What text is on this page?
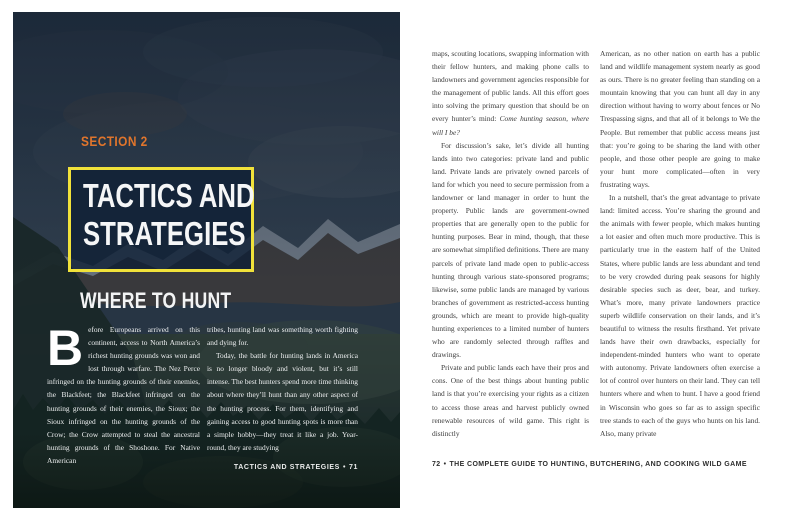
SECTION 2
TACTICS AND
STRATEGIES
WHERE TO HUNT

Before Europeans arrived on this continent, access to North America’s richest hunting grounds was won and lost through warfare. The Nez Perce infringed on the hunting grounds of their enemies, the Blackfeet; the Blackfeet infringed on the hunting grounds of their enemies, the Sioux; the Sioux infringed on the hunting grounds of the Crow; the Crow attempted to steal the ancestral hunting grounds of the Shoshone. For Native American

tribes, hunting land was something worth fighting and dying for.

Today, the battle for hunting lands in America is no longer bloody and violent, but it’s still intense. The best hunters spend more time thinking about where they’ll hunt than any other aspect of the hunting process. For them, identifying and gaining access to good hunting spots is more than a simple hobby—they treat it like a job. Year-round, they are studying

TACTICS AND STRATEGIES • 71

maps, scouting locations, swapping information with their fellow hunters, and making phone calls to landowners and government agencies responsible for the management of public lands. All this effort goes into solving the primary question that should be on every hunter’s mind: Come hunting season, where will I be?

For discussion’s sake, let’s divide all hunting lands into two categories: private land and public land. Private lands are privately owned parcels of land for which you need to secure permission from a landowner or land manager in order to hunt the property. Public lands are government-owned properties that are generally open to the public for hunting purposes. Bear in mind, though, that these are somewhat simplified definitions. There are many parcels of private land made open to public-access hunting through various state-sponsored programs; likewise, some public lands are managed by various branches of government as restricted-access hunting grounds, which are meant to provide high-quality hunting experiences to a limited number of hunters who are randomly selected through raffles and drawings.

Private and public lands each have their pros and cons. One of the best things about hunting public land is that you’re exercising your rights as a citizen to access those areas and harvest publicly owned renewable resources of wild game. This right is distinctly

American, as no other nation on earth has a public land and wildlife management system nearly as good as ours. There is no greater feeling than standing on a mountain knowing that you can hunt all day in any direction without having to worry about fences or No Trespassing signs, and that all of it belongs to We the People. But remember that public access means just that: you’re going to be sharing the land with other people, and those other people are going to make your hunt more complicated—often in very frustrating ways.

In a nutshell, that’s the great advantage to private land: limited access. You’re sharing the ground and the animals with fewer people, which makes hunting a lot easier and often much more productive. This is particularly true in the eastern half of the United States, where public lands are less abundant and tend to be very crowded during peak seasons for highly desirable species such as deer, bear, and turkey. What’s more, many private landowners practice superb wildlife conservation on their lands, and it’s beautiful to witness the results firsthand. Yet private lands have their own drawbacks, especially for independent-minded hunters who want to operate with autonomy. Private landowners often exercise a lot of control over hunters on their land. They can tell hunters where and when to hunt. I have a good friend in Wisconsin who goes so far as to assign specific tree stands to each of the guys who hunts on his land. Also, many private

72 • THE COMPLETE GUIDE TO HUNTING, BUTCHERING, AND COOKING WILD GAME
